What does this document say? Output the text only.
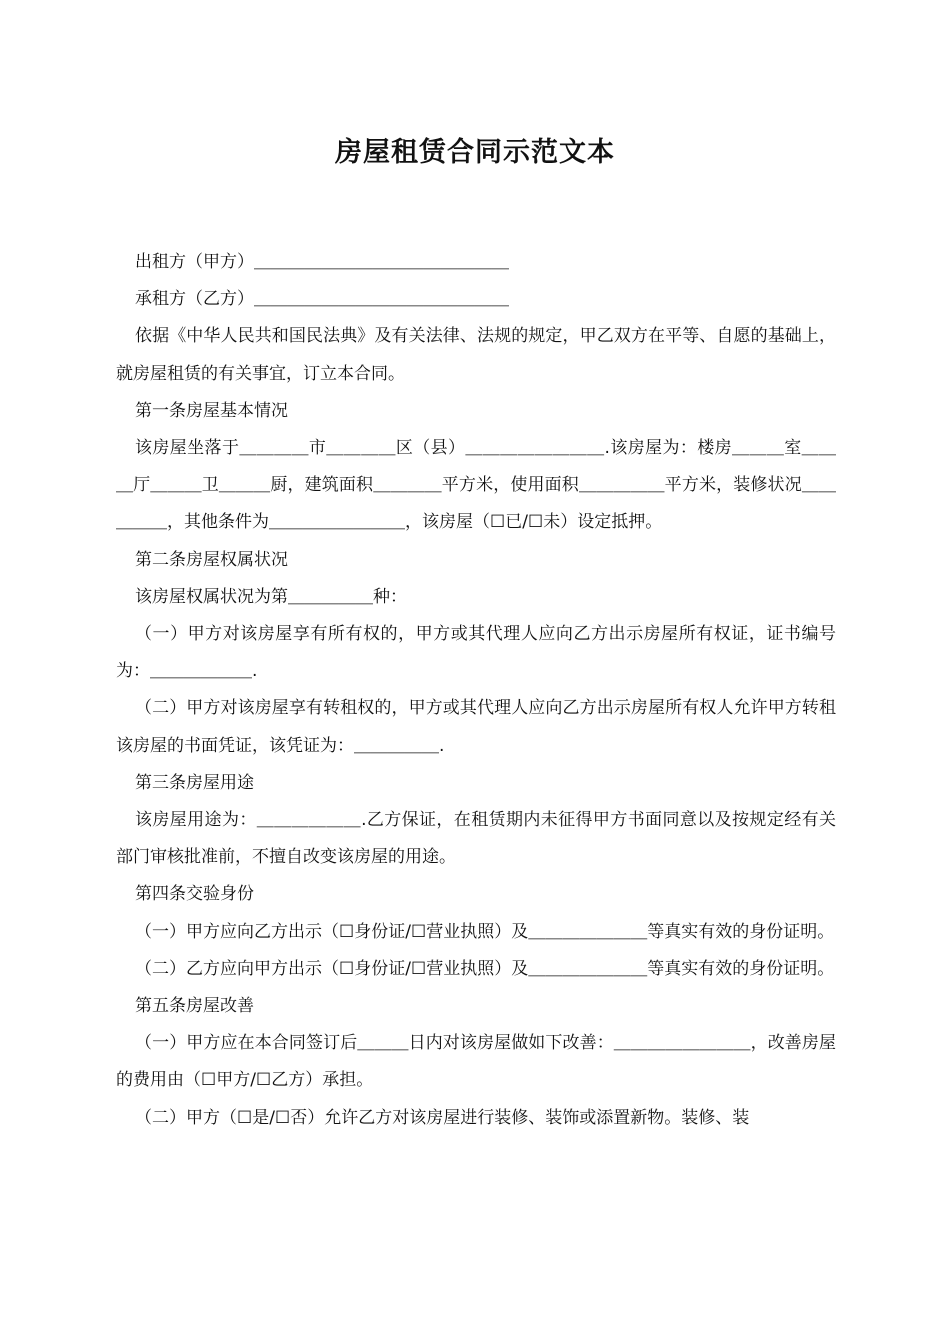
房屋租赁合同示范文本

出租方（甲方）＿＿＿＿＿＿＿＿＿＿＿＿＿＿＿

承租方（乙方）＿＿＿＿＿＿＿＿＿＿＿＿＿＿＿

依据《中华人民共和国民法典》及有关法律、法规的规定，甲乙双方在平等、自愿的基础上，就房屋租赁的有关事宜，订立本合同。

第一条房屋基本情况

该房屋坐落于＿＿＿＿市＿＿＿＿区（县）＿＿＿＿＿＿＿＿.该房屋为：楼房＿＿＿室＿＿＿厅＿＿＿卫＿＿＿厨，建筑面积＿＿＿＿平方米，使用面积＿＿＿＿＿平方米，装修状况＿＿＿＿＿，其他条件为＿＿＿＿＿＿＿＿，该房屋（☐已/☐未）设定抵押。

第二条房屋权属状况

该房屋权属状况为第＿＿＿＿＿种：

（一）甲方对该房屋享有所有权的，甲方或其代理人应向乙方出示房屋所有权证，证书编号为：＿＿＿＿＿＿.

（二）甲方对该房屋享有转租权的，甲方或其代理人应向乙方出示房屋所有权人允许甲方转租该房屋的书面凭证，该凭证为：＿＿＿＿＿.

第三条房屋用途

该房屋用途为：＿＿＿＿＿＿.乙方保证，在租赁期内未征得甲方书面同意以及按规定经有关部门审核批准前，不擅自改变该房屋的用途。

第四条交验身份

（一）甲方应向乙方出示（☐身份证/☐营业执照）及＿＿＿＿＿＿＿等真实有效的身份证明。

（二）乙方应向甲方出示（☐身份证/☐营业执照）及＿＿＿＿＿＿＿等真实有效的身份证明。

第五条房屋改善

（一）甲方应在本合同签订后＿＿＿日内对该房屋做如下改善：＿＿＿＿＿＿＿＿，改善房屋的费用由（☐甲方/☐乙方）承担。

（二）甲方（☐是/☐否）允许乙方对该房屋进行装修、装饰或添置新物。装修、装
